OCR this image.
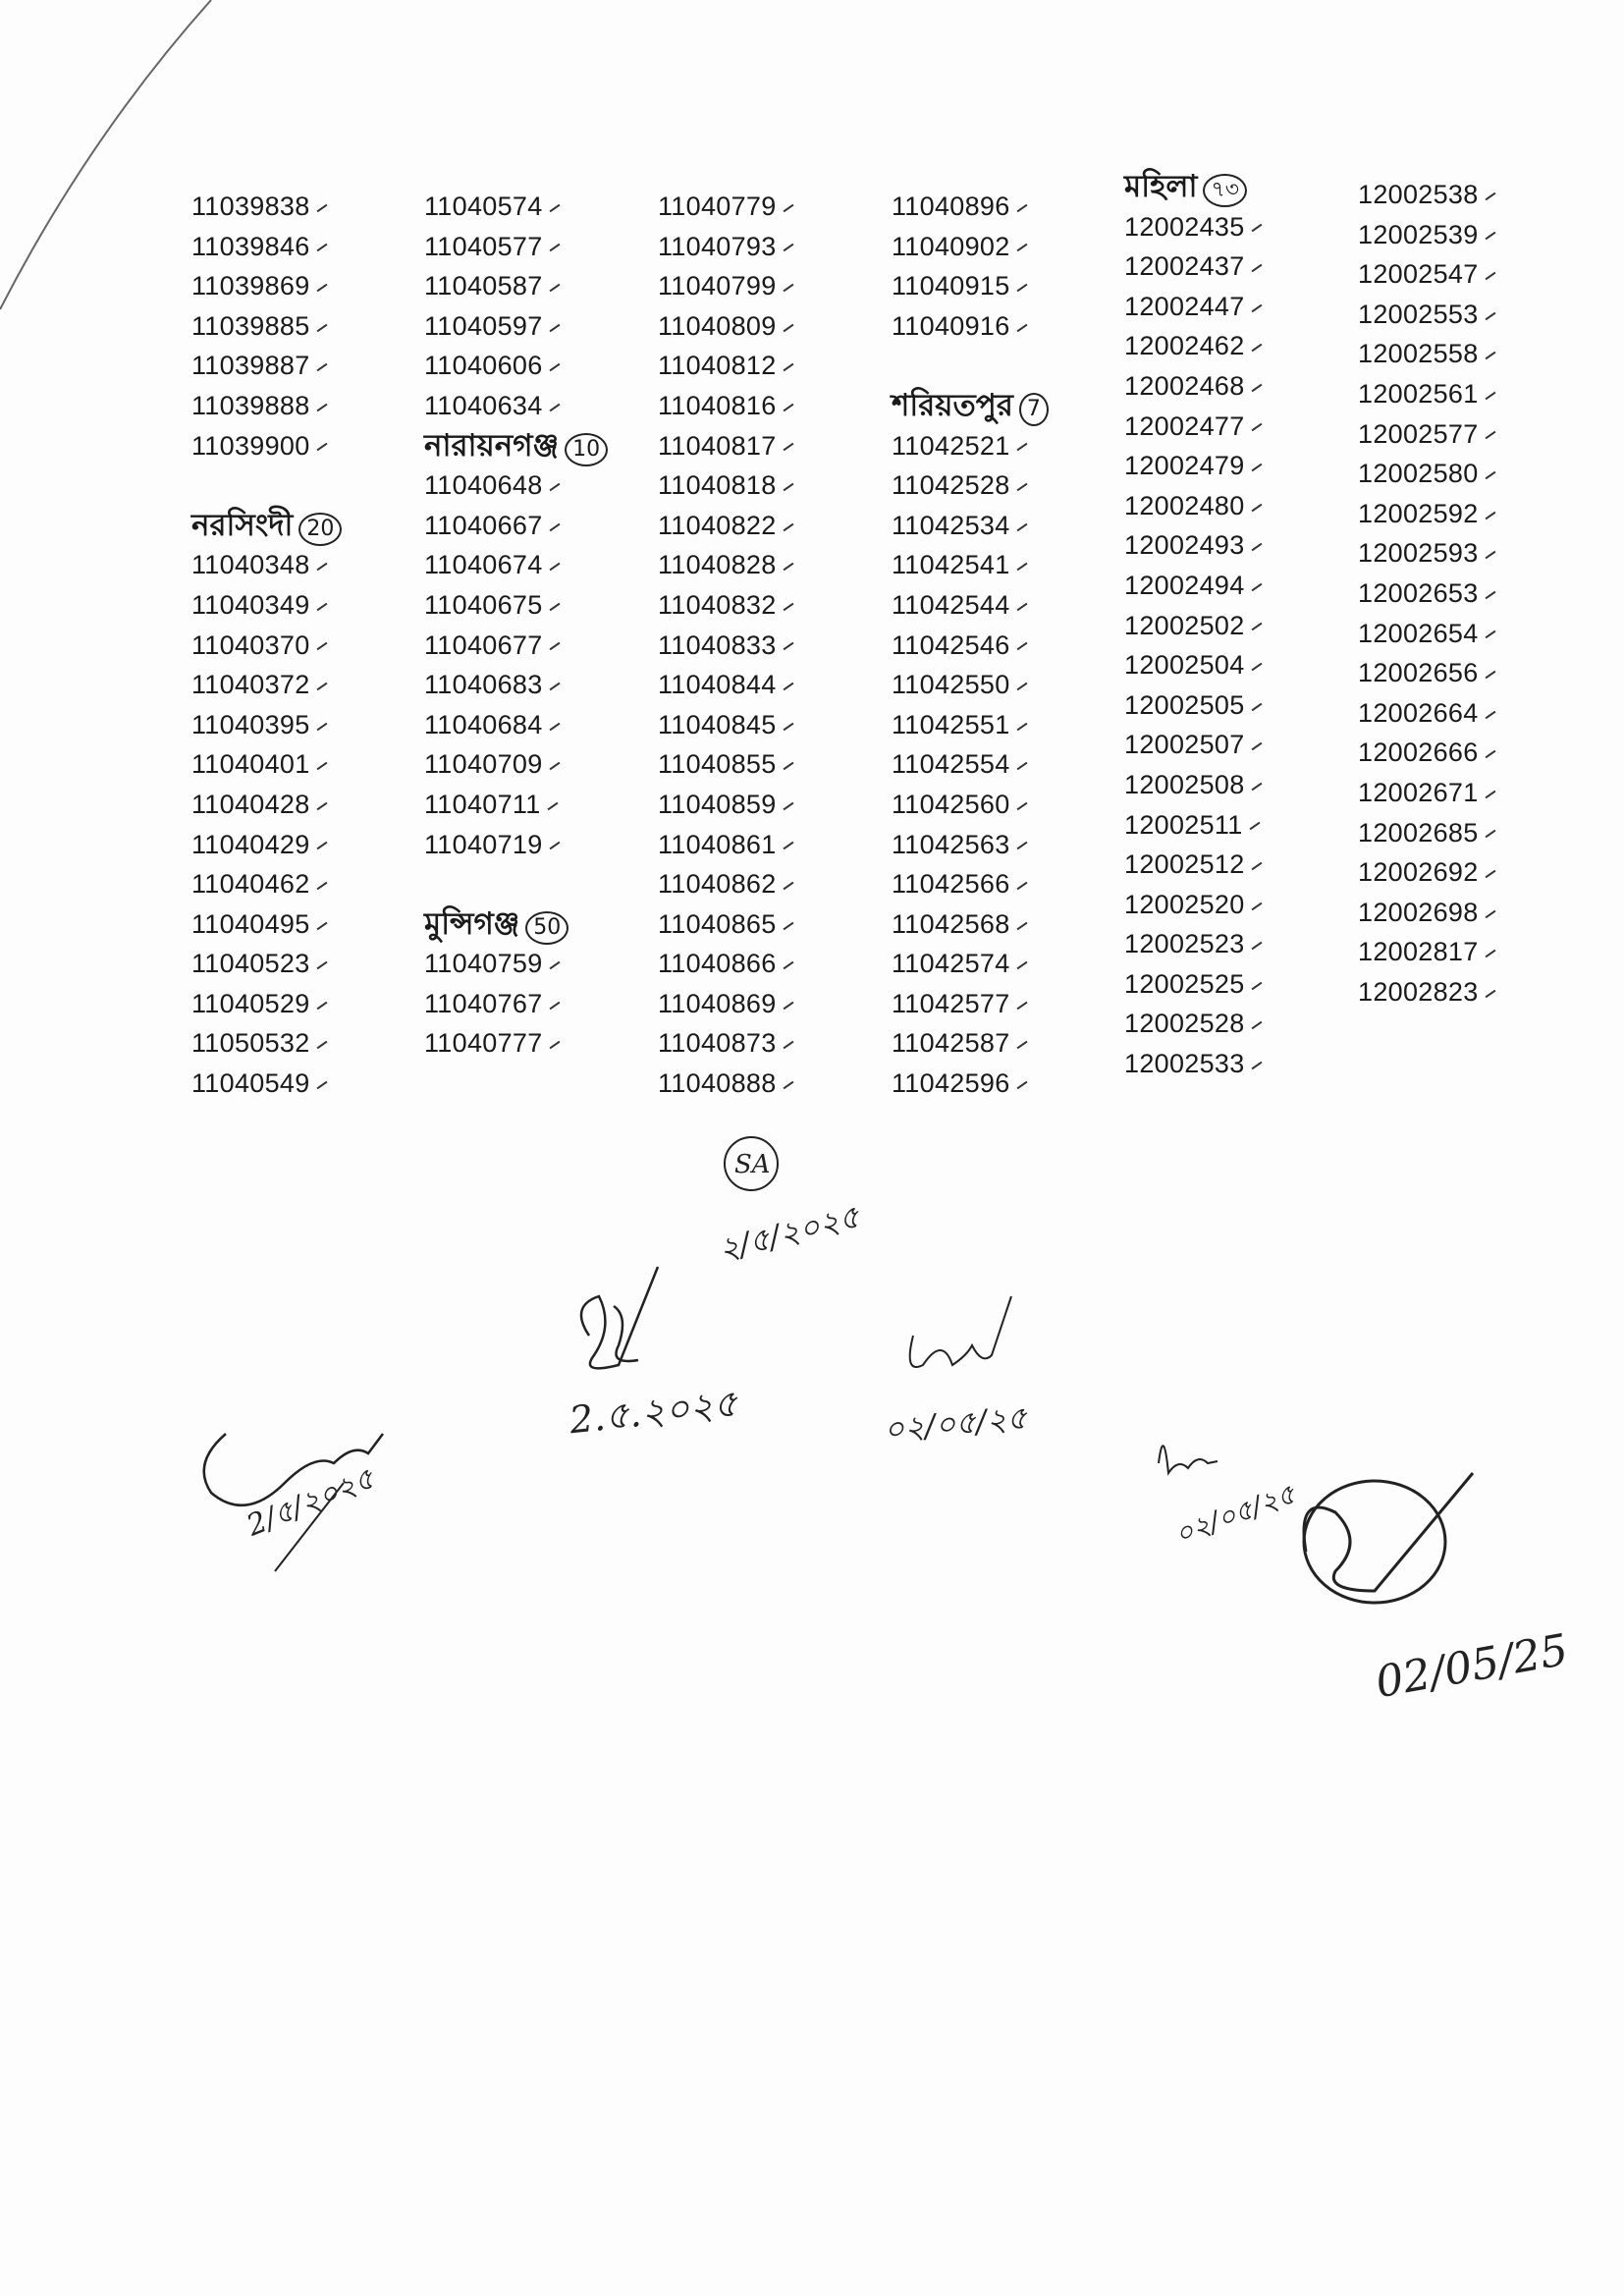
11039838
11039846
11039869
11039885
11039887
11039888
11039900
নরসিংদী 20
11040348
11040349
11040370
11040372
11040395
11040401
11040428
11040429
11040462
11040495
11040523
11040529
11050532
11040549
11040574
11040577
11040587
11040597
11040606
11040634
নারায়নগঞ্জ 10
11040648
11040667
11040674
11040675
11040677
11040683
11040684
11040709
11040711
11040719
মুন্সিগঞ্জ 50
11040759
11040767
11040777
11040779
11040793
11040799
11040809
11040812
11040816
11040817
11040818
11040822
11040828
11040832
11040833
11040844
11040845
11040855
11040859
11040861
11040862
11040865
11040866
11040869
11040873
11040888
11040896
11040902
11040915
11040916
শরিয়তপুর 7
11042521
11042528
11042534
11042541
11042544
11042546
11042550
11042551
11042554
11042560
11042563
11042566
11042568
11042574
11042577
11042587
11042596
মহিলা ৭৩
12002435
12002437
12002447
12002462
12002468
12002477
12002479
12002480
12002493
12002494
12002502
12002504
12002505
12002507
12002508
12002511
12002512
12002520
12002523
12002525
12002528
12002533
12002538
12002539
12002547
12002553
12002558
12002561
12002577
12002580
12002592
12002593
12002653
12002654
12002656
12002664
12002666
12002671
12002685
12002692
12002698
12002817
12002823
SA
২/৫/২০২৫
2/৫/২০২৫
2.৫.২০২৫	০২/০৫/২৫
০২/০৫/২৫
02/05/25
